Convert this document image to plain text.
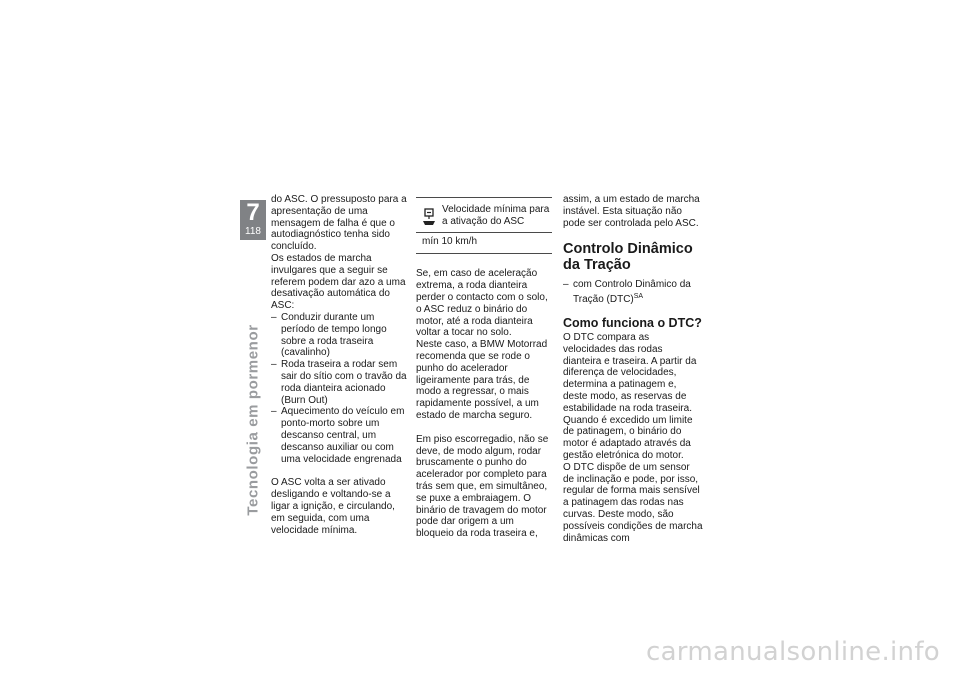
7
118
Tecnologia em pormenor

do ASC. O pressuposto para a apresentação de uma mensagem de falha é que o autodiagnóstico tenha sido concluído.

Os estados de marcha invulgares que a seguir se referem podem dar azo a uma desativação automática do ASC:

– Conduzir durante um período de tempo longo sobre a roda traseira (cavalinho)
– Roda traseira a rodar sem sair do sítio com o travão da roda dianteira acionado (Burn Out)
– Aquecimento do veículo em ponto-morto sobre um descanso central, um descanso auxiliar ou com uma velocidade engrenada

O ASC volta a ser ativado desligando e voltando-se a ligar a ignição, e circulando, em seguida, com uma velocidade mínima.

Velocidade mínima para a ativação do ASC
mín 10 km/h

Se, em caso de aceleração extrema, a roda dianteira perder o contacto com o solo, o ASC reduz o binário do motor, até a roda dianteira voltar a tocar no solo.

Neste caso, a BMW Motorrad recomenda que se rode o punho do acelerador ligeiramente para trás, de modo a regressar, o mais rapidamente possível, a um estado de marcha seguro.

Em piso escorregadio, não se deve, de modo algum, rodar bruscamente o punho do acelerador por completo para trás sem que, em simultâneo, se puxe a embraiagem. O binário de travagem do motor pode dar origem a um bloqueio da roda traseira e,

assim, a um estado de marcha instável. Esta situação não pode ser controlada pelo ASC.

Controlo Dinâmico da Tração
– com Controlo Dinâmico da Tração (DTC)$^{SA}$
Como funciona o DTC?

O DTC compara as velocidades das rodas dianteira e traseira. A partir da diferença de velocidades, determina a patinagem e, deste modo, as reservas de estabilidade na roda traseira. Quando é excedido um limite de patinagem, o binário do motor é adaptado através da gestão eletrónica do motor.

O DTC dispõe de um sensor de inclinação e pode, por isso, regular de forma mais sensível a patinagem das rodas nas curvas. Deste modo, são possíveis condições de marcha dinâmicas com

carmanualsonline.info
